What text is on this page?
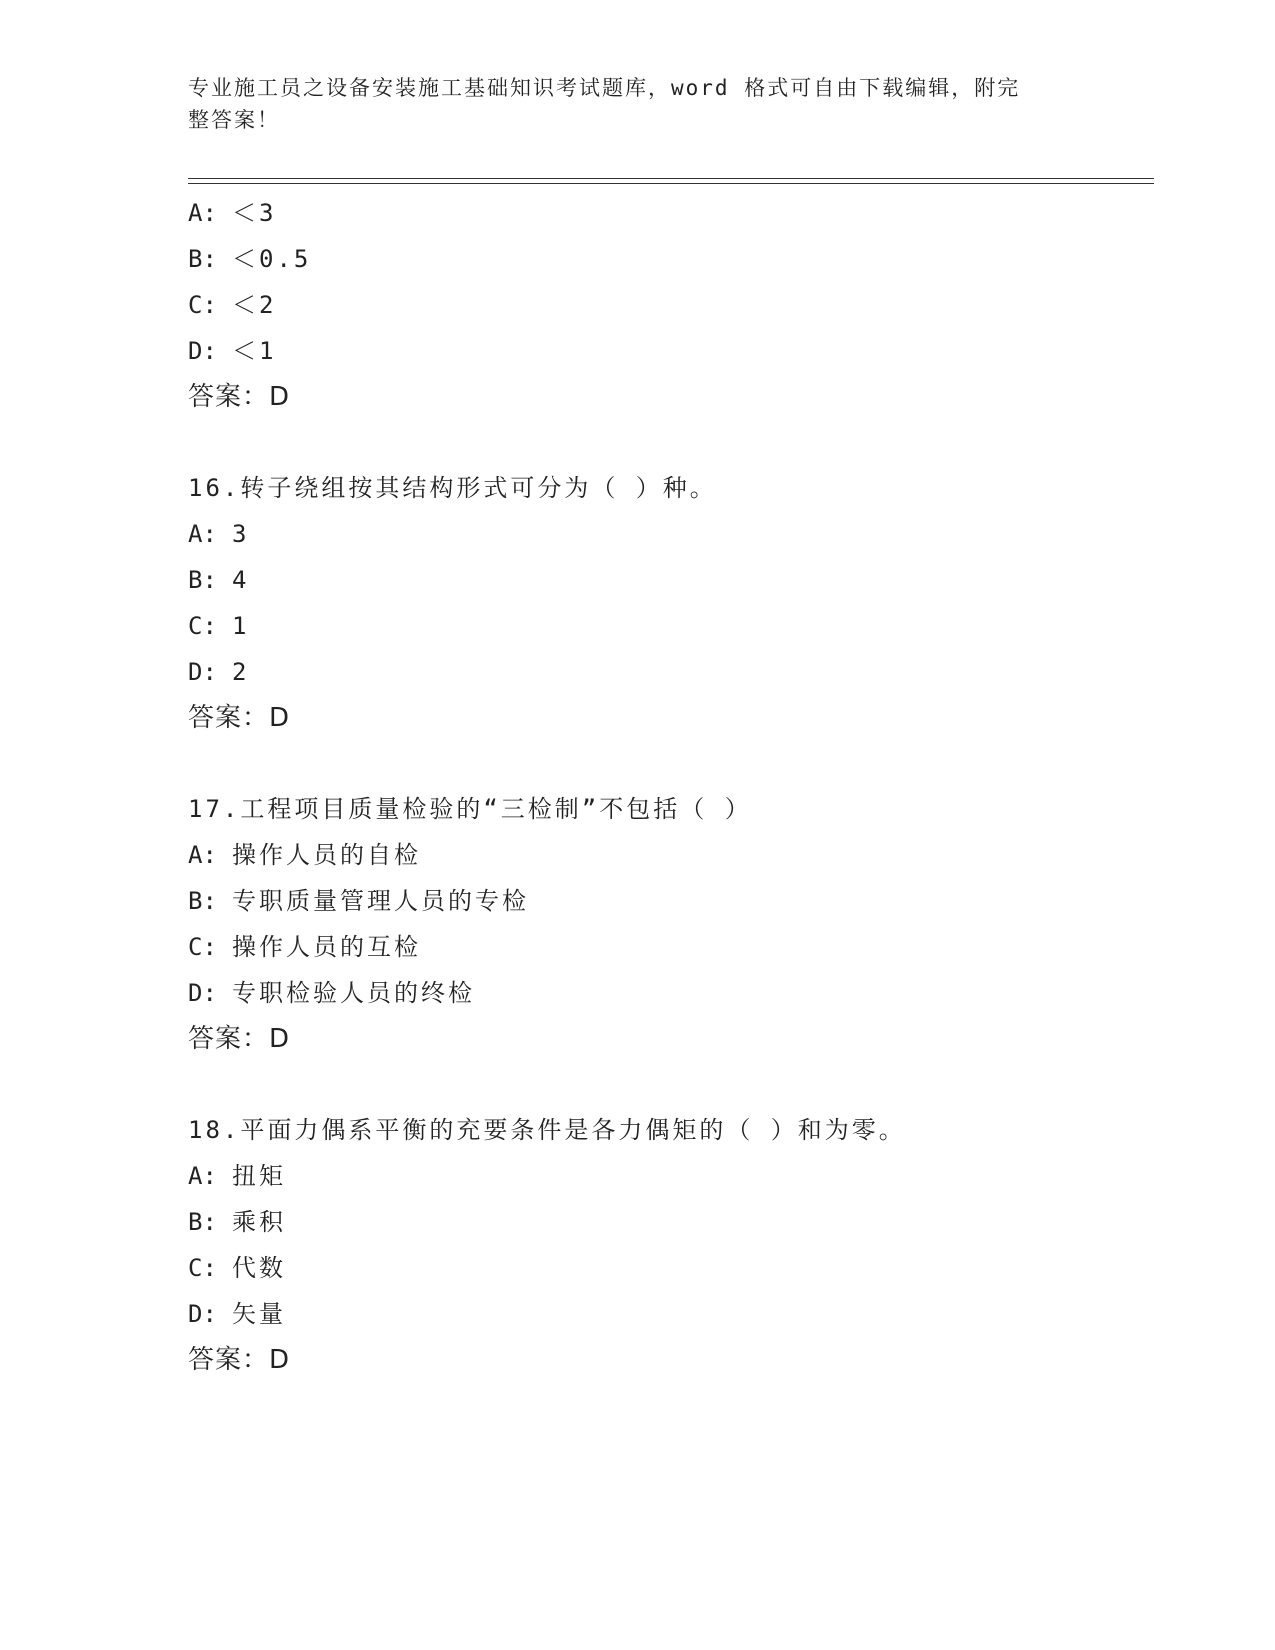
专业施工员之设备安装施工基础知识考试题库，word 格式可自由下载编辑，附完
整答案！
A: ＜3
B: ＜0.5
C: ＜2
D: ＜1
答案：D
16.转子绕组按其结构形式可分为（ ）种。
A: 3
B: 4
C: 1
D: 2
答案：D
17.工程项目质量检验的“三检制”不包括（ ）
A: 操作人员的自检
B: 专职质量管理人员的专检
C: 操作人员的互检
D: 专职检验人员的终检
答案：D
18.平面力偶系平衡的充要条件是各力偶矩的（ ）和为零。
A: 扭矩
B: 乘积
C: 代数
D: 矢量
答案：D
